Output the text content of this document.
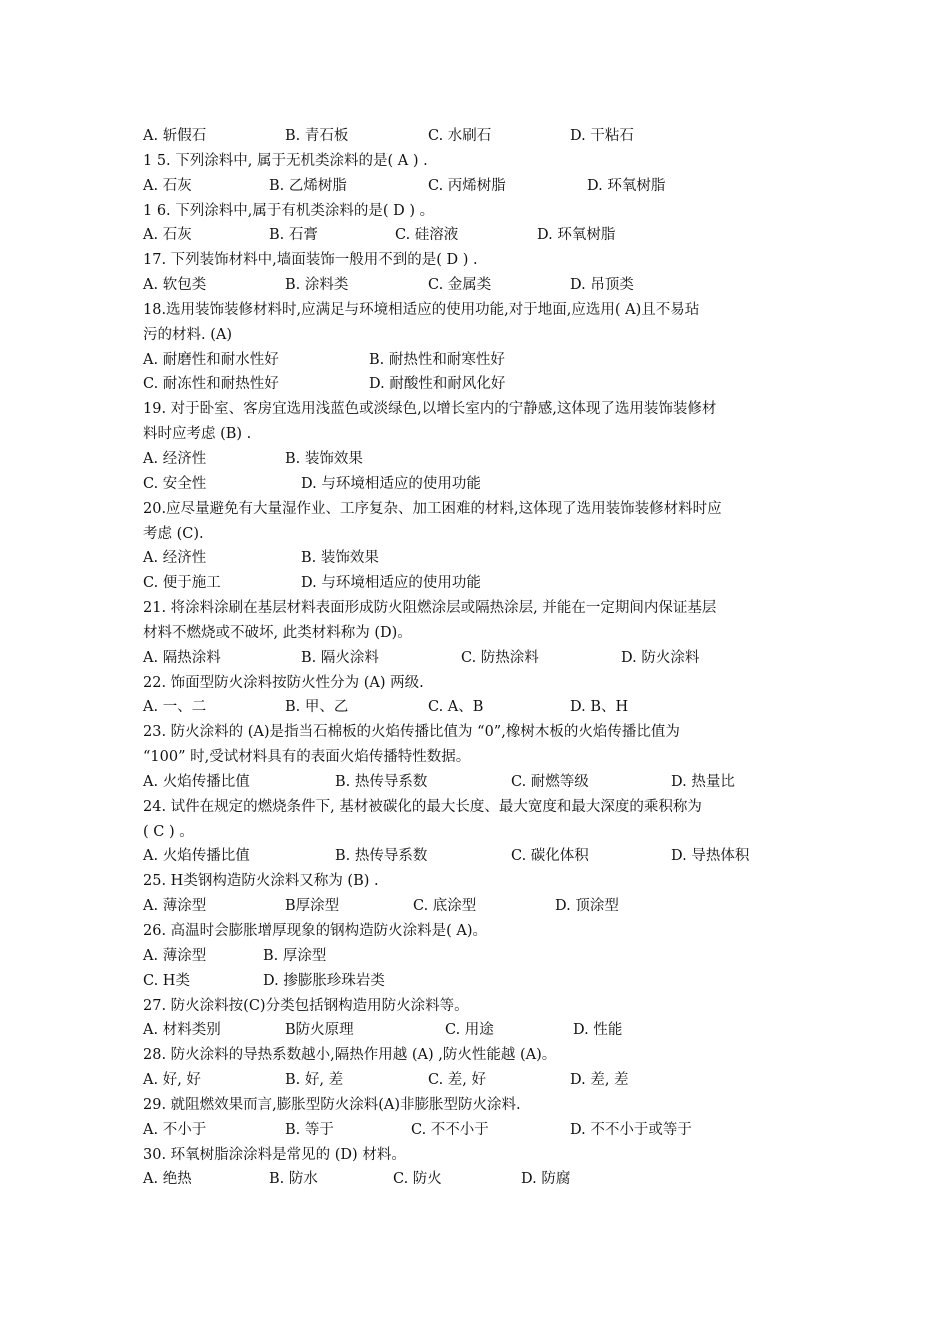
A. 斩假石	B. 青石板	C. 水刷石	D. 干粘石
1 5. 下列涂料中, 属于无机类涂料的是( A ) .
A. 石灰	B. 乙烯树脂	C. 丙烯树脂	D. 环氧树脂
1 6. 下列涂料中,属于有机类涂料的是( D ) 。
A. 石灰	B. 石膏	C. 硅溶液	D. 环氧树脂
17. 下列装饰材料中,墙面装饰一般用不到的是( D ) .
A. 软包类	B. 涂料类	C. 金属类	D. 吊顶类
18.选用装饰装修材料时,应满足与环境相适应的使用功能,对于地面,应选用( A)且不易玷
污的材料. (A)
A. 耐磨性和耐水性好	B. 耐热性和耐寒性好
C. 耐冻性和耐热性好	D. 耐酸性和耐风化好
19. 对于卧室、客房宜选用浅蓝色或淡绿色,以增长室内的宁静感,这体现了选用装饰装修材
料时应考虑 (B) .
A. 经济性	B. 装饰效果
C. 安全性	D. 与环境相适应的使用功能
20.应尽量避免有大量湿作业、工序复杂、加工困难的材料,这体现了选用装饰装修材料时应
考虑 (C).
A. 经济性	B. 装饰效果
C. 便于施工	D. 与环境相适应的使用功能
21. 将涂料涂刷在基层材料表面形成防火阻燃涂层或隔热涂层, 并能在一定期间内保证基层
材料不燃烧或不破坏, 此类材料称为 (D)。
A. 隔热涂料	B. 隔火涂料	C. 防热涂料	D. 防火涂料
22. 饰面型防火涂料按防火性分为 (A) 两级.
A. 一、二	B. 甲、乙	C. A、B	D. B、H
23. 防火涂料的 (A)是指当石棉板的火焰传播比值为 “0”,橡树木板的火焰传播比值为
“100” 时,受试材料具有的表面火焰传播特性数据。
A. 火焰传播比值	B. 热传导系数	C. 耐燃等级	D. 热量比
24. 试件在规定的燃烧条件下, 基材被碳化的最大长度、最大宽度和最大深度的乘积称为
( C ) 。
A. 火焰传播比值	B. 热传导系数	C. 碳化体积	D. 导热体积
25. H类钢构造防火涂料又称为 (B) .
A. 薄涂型	B厚涂型	C. 底涂型	D. 顶涂型
26. 高温时会膨胀增厚现象的钢构造防火涂料是( A)。
A. 薄涂型	B. 厚涂型
C. H类	D. 掺膨胀珍珠岩类
27. 防火涂料按(C)分类包括钢构造用防火涂料等。
A. 材料类别	B防火原理	C. 用途	D. 性能
28. 防火涂料的导热系数越小,隔热作用越 (A) ,防火性能越 (A)。
A. 好, 好	B. 好, 差	C. 差, 好	D. 差, 差
29. 就阻燃效果而言,膨胀型防火涂料(A)非膨胀型防火涂料.
A. 不小于	B. 等于	C. 不不小于	D. 不不小于或等于
30. 环氧树脂涂涂料是常见的 (D) 材料。
A. 绝热	B. 防水	C. 防火	D. 防腐
